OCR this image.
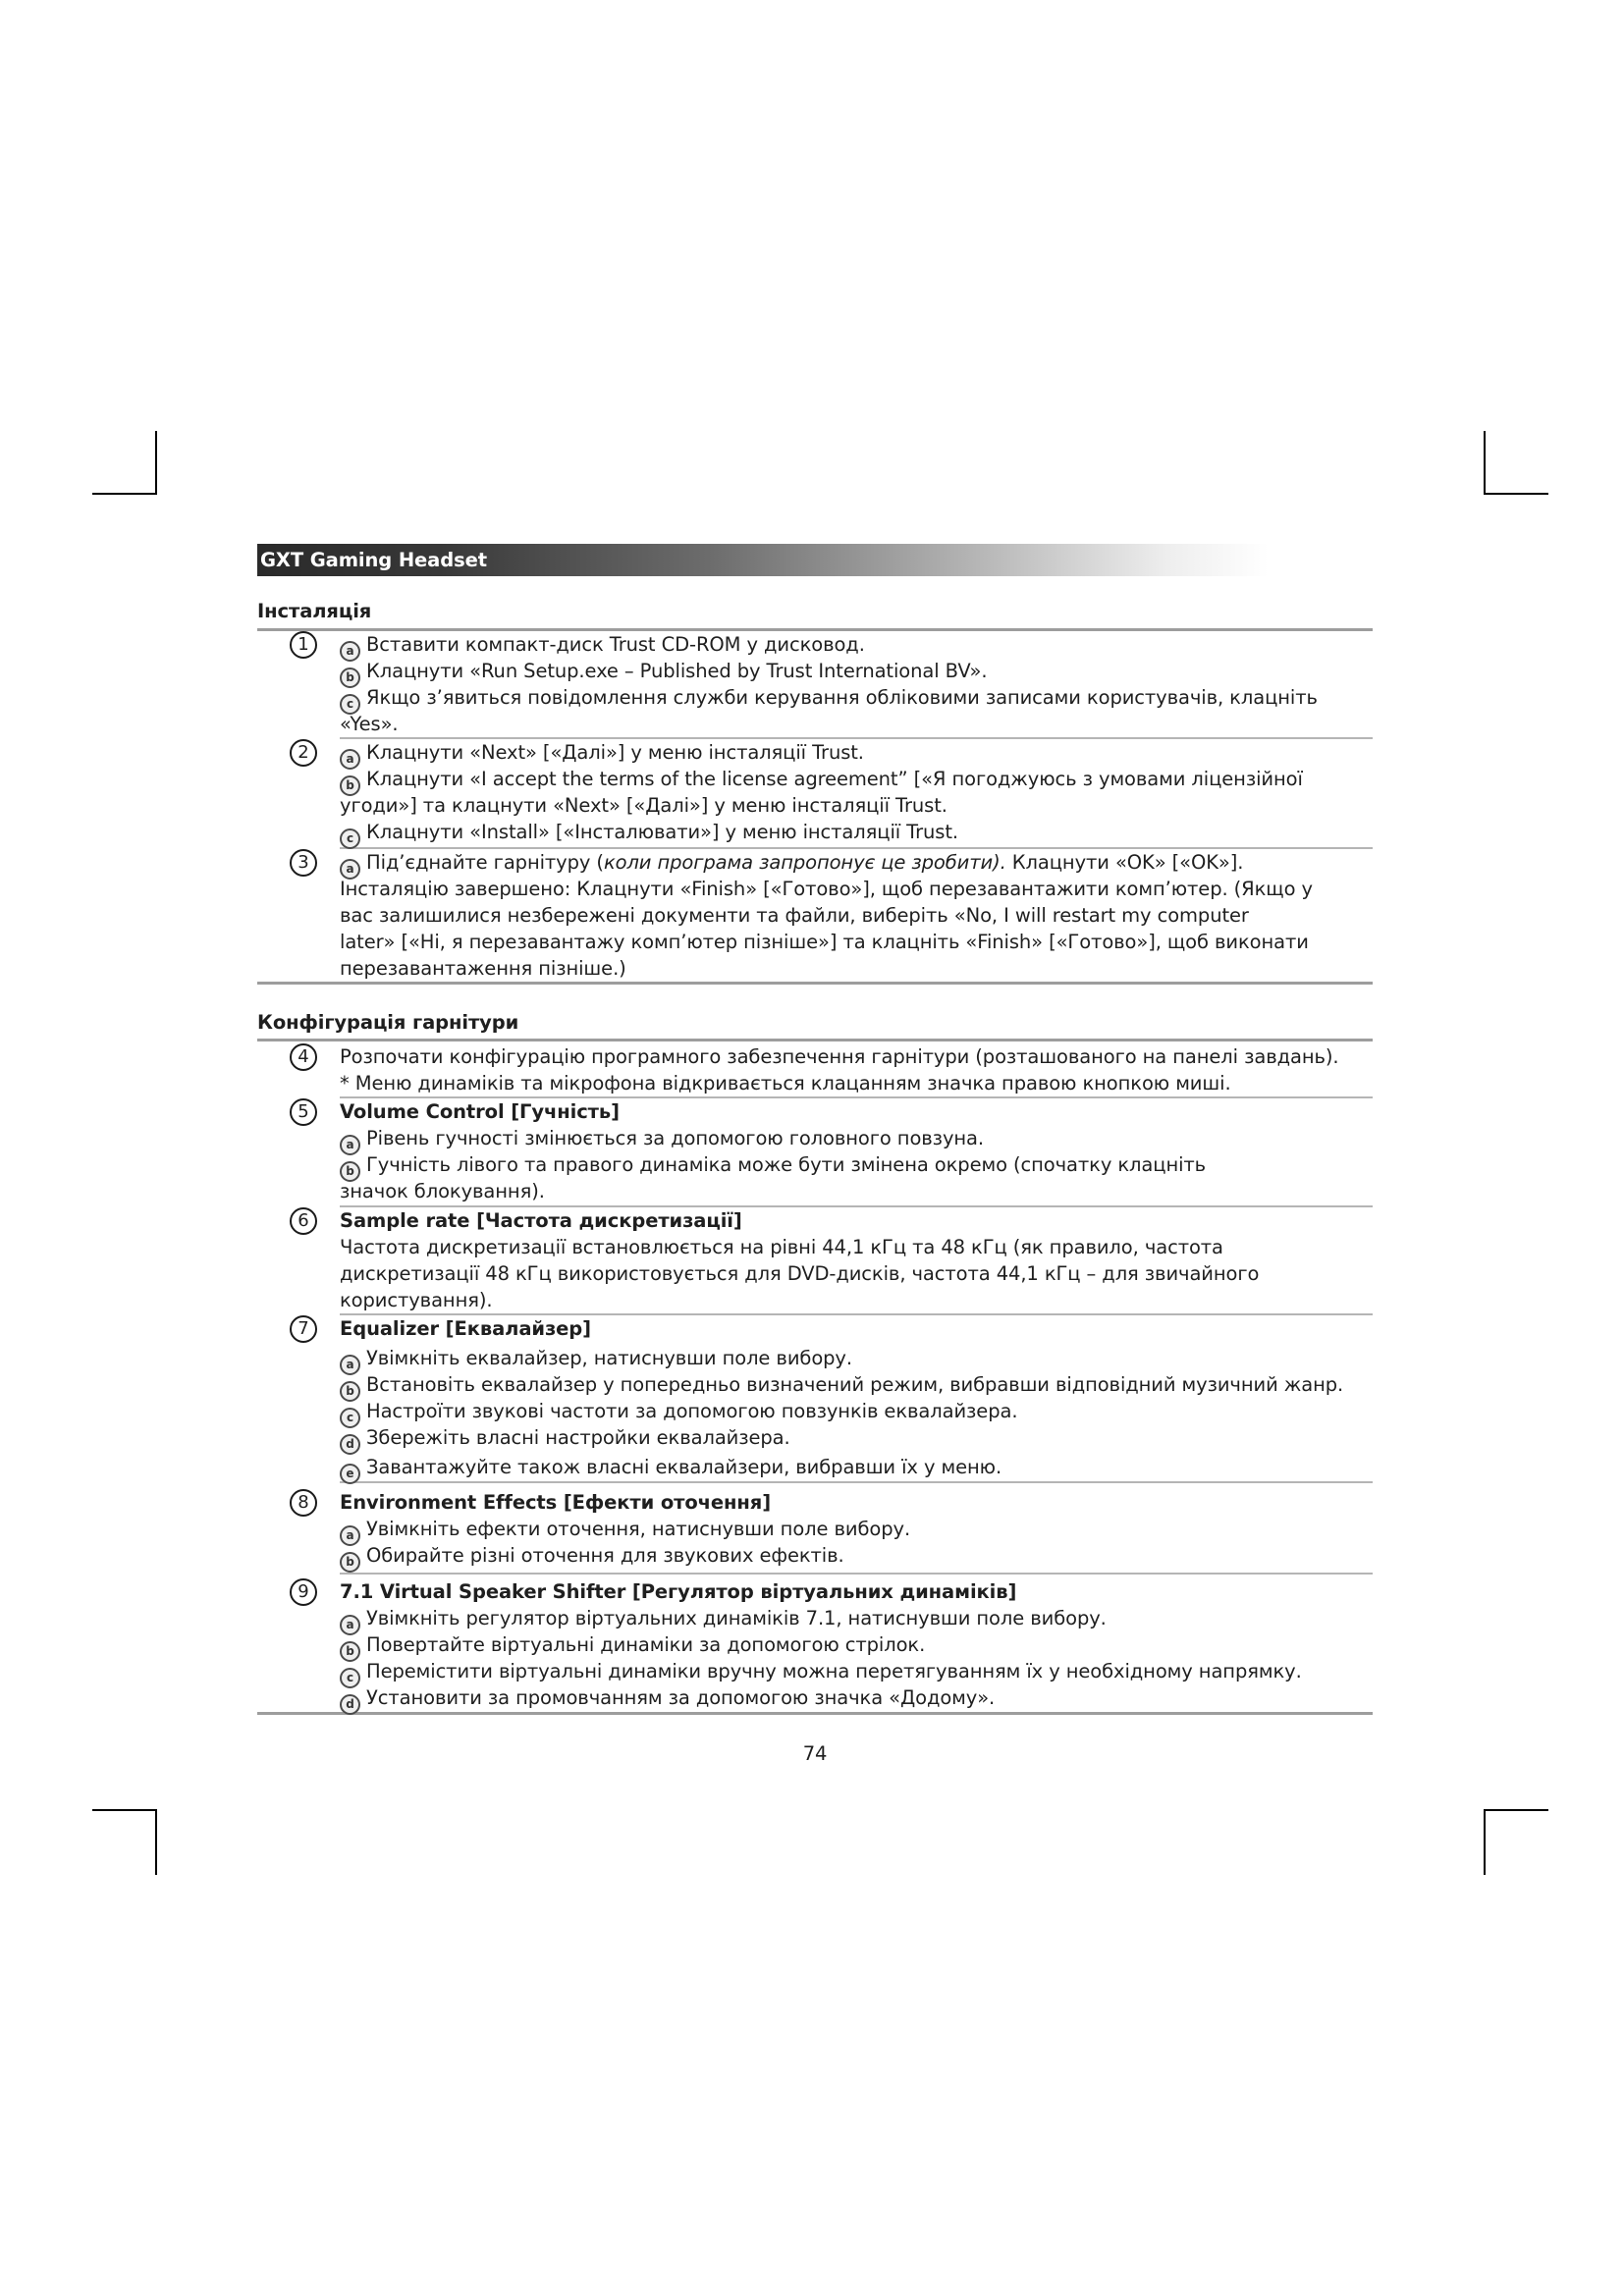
GXT Gaming Headset
Інсталяція
1	a Вставити компакт-диск Trust CD-ROM у дисковод.
b Клацнути «Run Setup.exe – Published by Trust International BV».
c Якщо з’явиться повідомлення служби керування обліковими записами користувачів, клацніть
«Yes».
2	a Клацнути «Next» [«Далі»] у меню інсталяції Trust.
b Клацнути «I accept the terms of the license agreement” [«Я погоджуюсь з умовами ліцензійної
угоди»] та клацнути «Next» [«Далі»] у меню інсталяції Trust.
c Клацнути «Install» [«Інсталювати»] у меню інсталяції Trust.
3	a Під’єднайте гарнітуру (коли програма запропонує це зробити). Клацнути «OK» [«OK»].
Інсталяцію завершено: Клацнути «Finish» [«Готово»], щоб перезавантажити комп’ютер. (Якщо у
вас залишилися незбережені документи та файли, виберіть «No, I will restart my computer
later» [«Ні, я перезавантажу комп’ютер пізніше»] та клацніть «Finish» [«Готово»], щоб виконати
перезавантаження пізніше.)
Конфігурація гарнітури
4	Розпочати конфігурацію програмного забезпечення гарнітури (розташованого на панелі завдань).
* Меню динаміків та мікрофона відкривається клацанням значка правою кнопкою миші.
5	Volume Control [Гучність]
a Рівень гучності змінюється за допомогою головного повзуна.
b Гучність лівого та правого динаміка може бути змінена окремо (спочатку клацніть
значок блокування).
6	Sample rate [Частота дискретизації]
Частота дискретизації встановлюється на рівні 44,1 кГц та 48 кГц (як правило, частота
дискретизації 48 кГц використовується для DVD-дисків, частота 44,1 кГц – для звичайного
користування).
7	Equalizer [Еквалайзер]
a Увімкніть еквалайзер, натиснувши поле вибору.
b Встановіть еквалайзер у попередньо визначений режим, вибравши відповідний музичний жанр.
c Настроїти звукові частоти за допомогою повзунків еквалайзера.
d Збережіть власні настройки еквалайзера.
e Завантажуйте також власні еквалайзери, вибравши їх у меню.
8	Environment Effects [Ефекти оточення]
a Увімкніть ефекти оточення, натиснувши поле вибору.
b Обирайте різні оточення для звукових ефектів.
9	7.1 Virtual Speaker Shifter [Регулятор віртуальних динаміків]
a Увімкніть регулятор віртуальних динаміків 7.1, натиснувши поле вибору.
b Повертайте віртуальні динаміки за допомогою стрілок.
c Перемістити віртуальні динаміки вручну можна перетягуванням їх у необхідному напрямку.
d Установити за промовчанням за допомогою значка «Додому».
74
